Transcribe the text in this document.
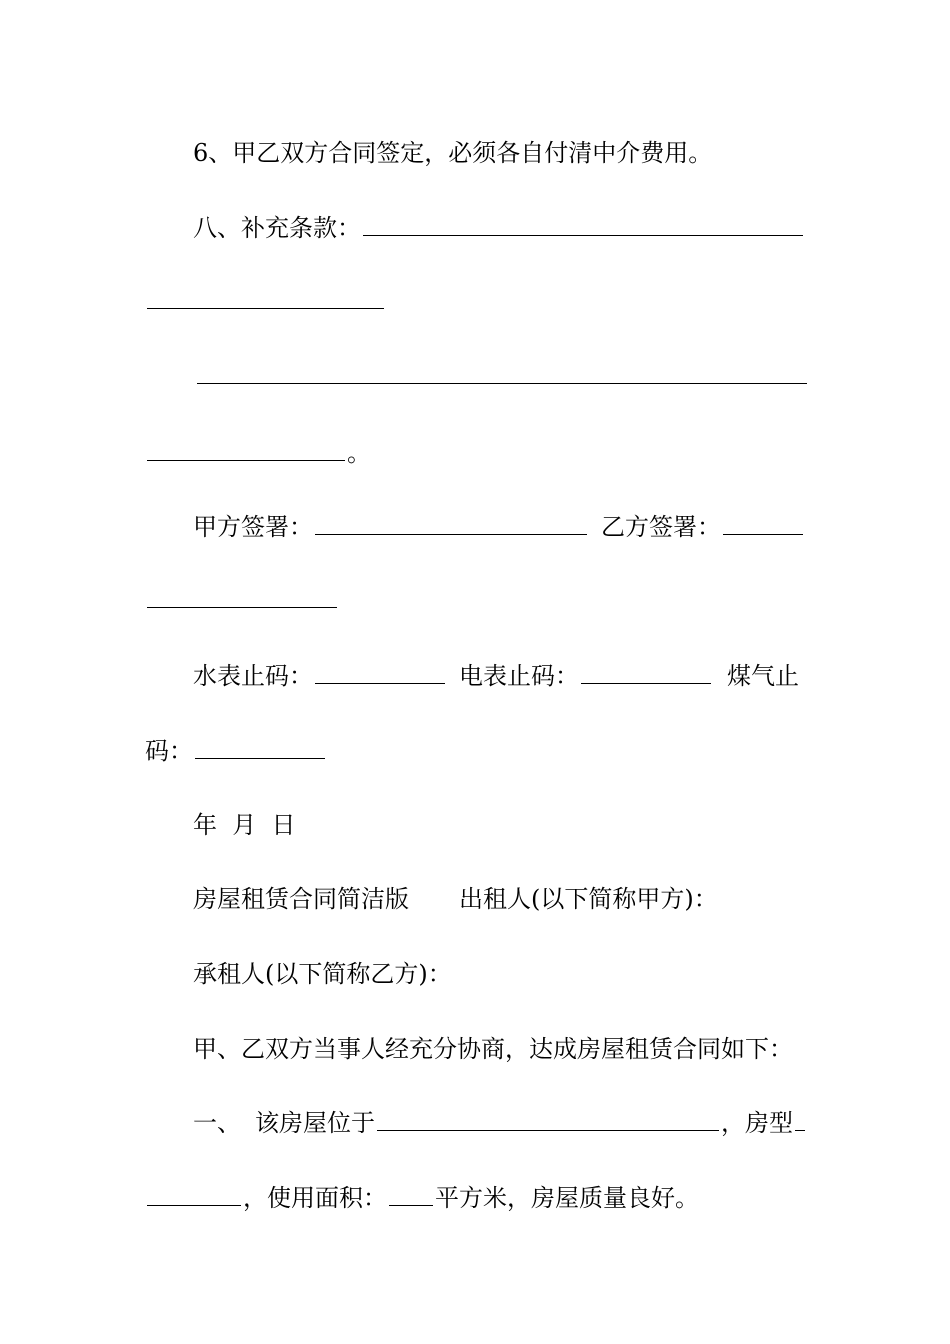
6、甲乙双方合同签定，必须各自付清中介费用。
八、补充条款：
。
甲方签署：	乙方签署：
水表止码：	电表止码：	煤气止
码：
年  月  日
房屋租赁合同简洁版 出租人(以下简称甲方)：
承租人(以下简称乙方)：
甲、乙双方当事人经充分协商，达成房屋租赁合同如下：
一、 该房屋位于	，房型
，使用面积： 平方米，房屋质量良好。
